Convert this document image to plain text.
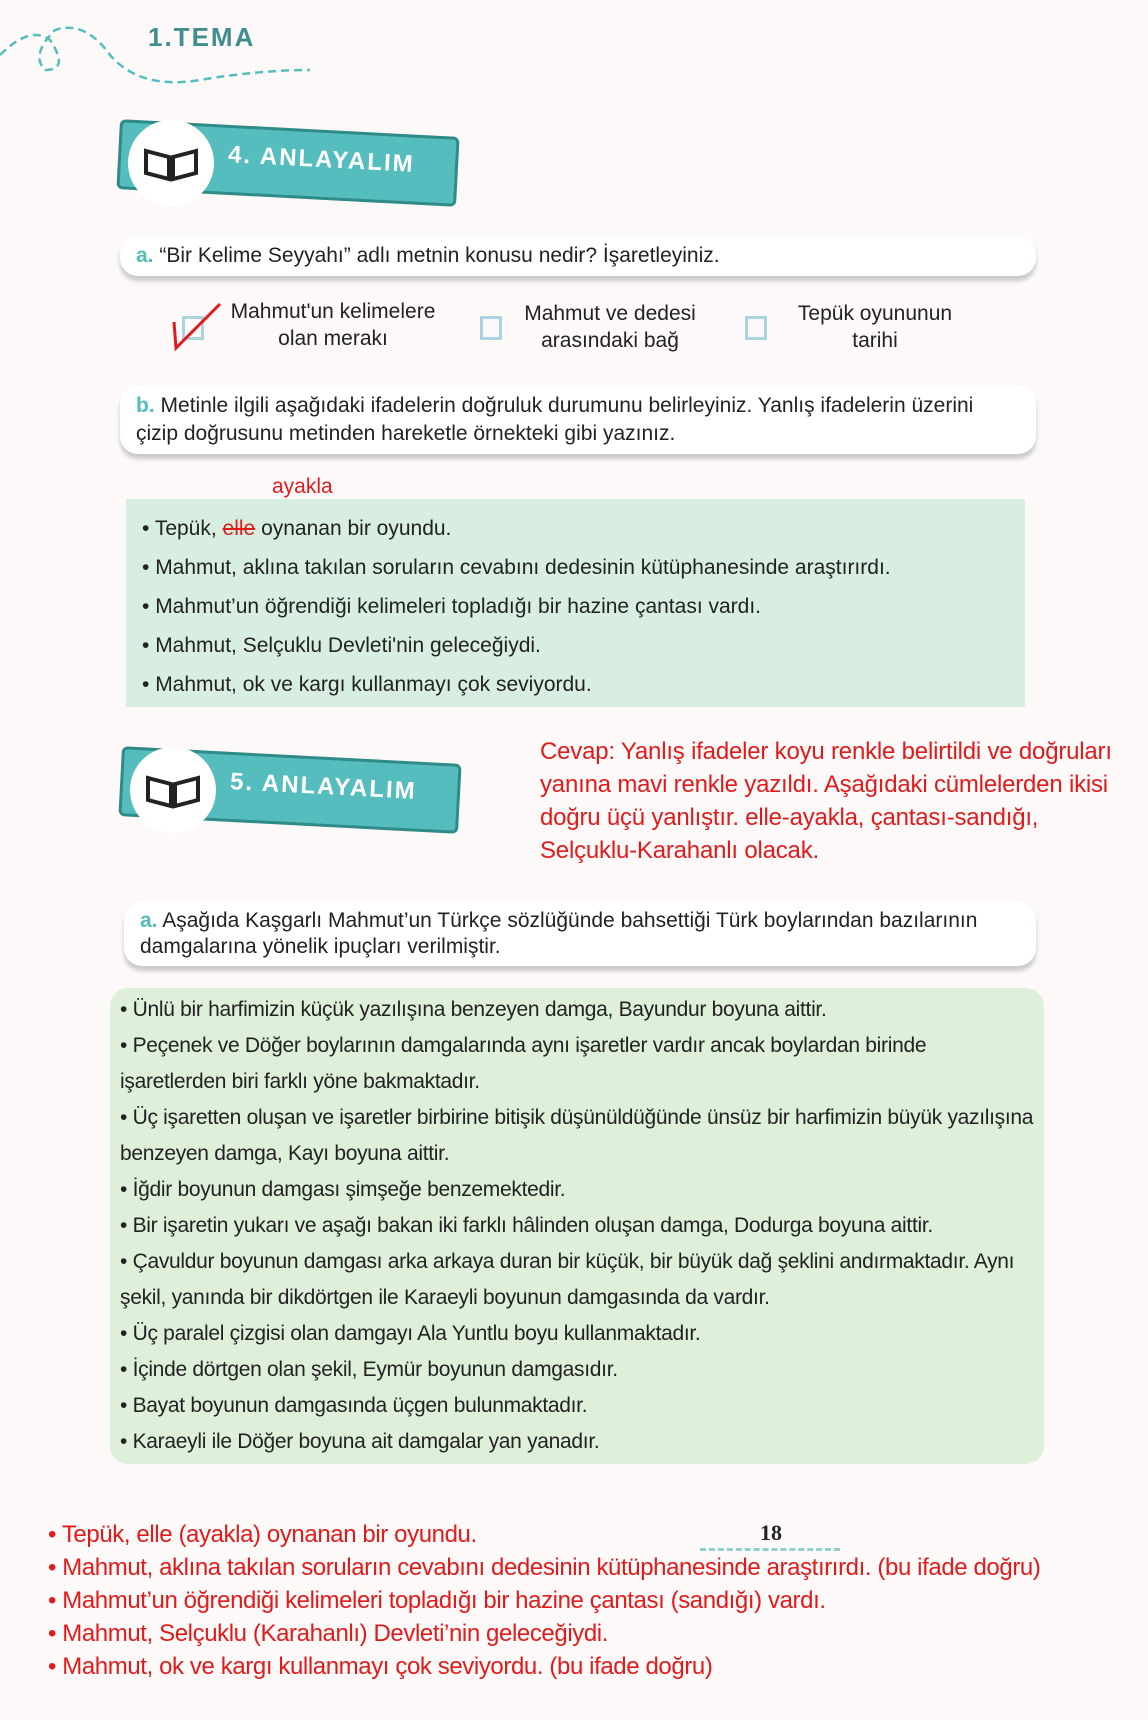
1.TEMA
4. ANLAYALIM
a. “Bir Kelime Seyyahı” adlı metnin konusu nedir? İşaretleyiniz.
Mahmut'un kelimelere
olan merakı
Mahmut ve dedesi
arasındaki bağ
Tepük oyununun
tarihi
b. Metinle ilgili aşağıdaki ifadelerin doğruluk durumunu belirleyiniz. Yanlış ifadelerin üzerini çizip doğrusunu metinden hareketle örnekteki gibi yazınız.
ayakla
• Tepük, elle oynanan bir oyundu.
• Mahmut, aklına takılan soruların cevabını dedesinin kütüphanesinde araştırırdı.
• Mahmut’un öğrendiği kelimeleri topladığı bir hazine çantası vardı.
• Mahmut, Selçuklu Devleti'nin geleceğiydi.
• Mahmut, ok ve kargı kullanmayı çok seviyordu.
5. ANLAYALIM
Cevap: Yanlış ifadeler koyu renkle belirtildi ve doğruları yanına mavi renkle yazıldı. Aşağıdaki cümlelerden ikisi doğru üçü yanlıştır. elle-ayakla, çantası-sandığı, Selçuklu-Karahanlı olacak.
a. Aşağıda Kaşgarlı Mahmut’un Türkçe sözlüğünde bahsettiği Türk boylarından bazılarının damgalarına yönelik ipuçları verilmiştir.
• Ünlü bir harfimizin küçük yazılışına benzeyen damga, Bayundur boyuna aittir.
• Peçenek ve Döğer boylarının damgalarında aynı işaretler vardır ancak boylardan birinde işaretlerden biri farklı yöne bakmaktadır.
• Üç işaretten oluşan ve işaretler birbirine bitişik düşünüldüğünde ünsüz bir harfimizin büyük yazılışına benzeyen damga, Kayı boyuna aittir.
• İğdir boyunun damgası şimşeğe benzemektedir.
• Bir işaretin yukarı ve aşağı bakan iki farklı hâlinden oluşan damga, Dodurga boyuna aittir.
• Çavuldur boyunun damgası arka arkaya duran bir küçük, bir büyük dağ şeklini andırmaktadır. Aynı şekil, yanında bir dikdörtgen ile Karaeyli boyunun damgasında da vardır.
• Üç paralel çizgisi olan damgayı Ala Yuntlu boyu kullanmaktadır.
• İçinde dörtgen olan şekil, Eymür boyunun damgasıdır.
• Bayat boyunun damgasında üçgen bulunmaktadır.
• Karaeyli ile Döğer boyuna ait damgalar yan yanadır.
• Tepük, elle (ayakla) oynanan bir oyundu.
• Mahmut, aklına takılan soruların cevabını dedesinin kütüphanesinde araştırırdı. (bu ifade doğru)
• Mahmut’un öğrendiği kelimeleri topladığı bir hazine çantası (sandığı) vardı.
• Mahmut, Selçuklu (Karahanlı) Devleti’nin geleceğiydi.
• Mahmut, ok ve kargı kullanmayı çok seviyordu. (bu ifade doğru)
18
